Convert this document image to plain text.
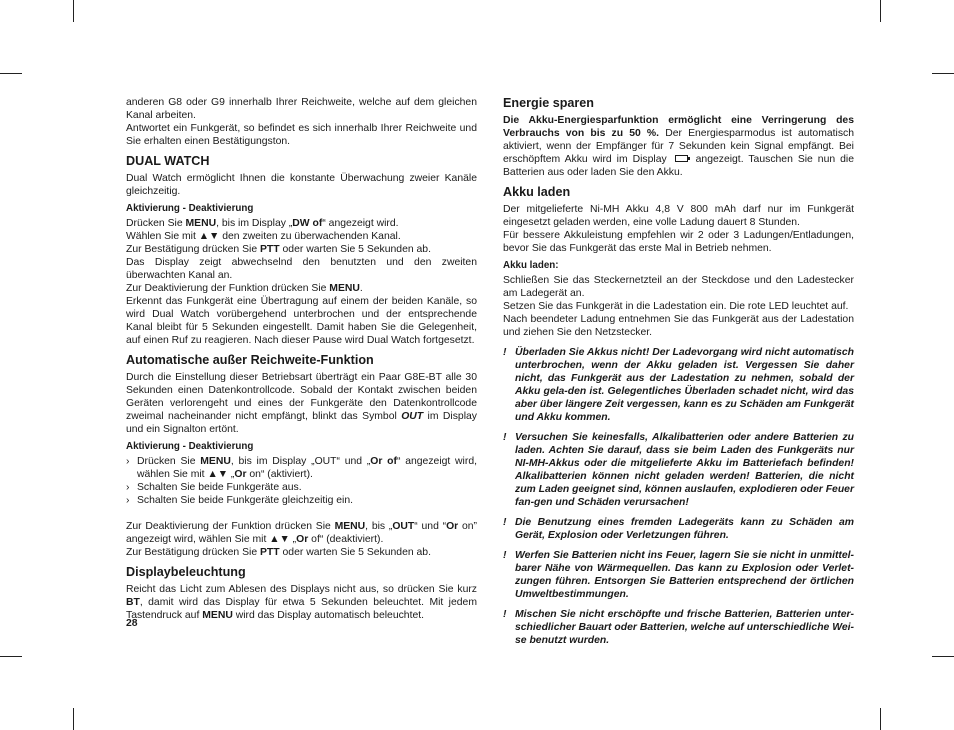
anderen G8 oder G9 innerhalb Ihrer Reichweite, welche auf dem gleichen Kanal arbeiten.

Antwortet ein Funkgerät, so befindet es sich innerhalb Ihrer Reichweite und Sie erhalten einen Bestätigungston.

DUAL WATCH

Dual Watch ermöglicht Ihnen die konstante Überwachung zweier Kanäle gleichzeitig.

Aktivierung - Deaktivierung

Drücken Sie MENU, bis im Display „DW of“ angezeigt wird.

Wählen Sie mit ▲▼ den zweiten zu überwachenden Kanal.

Zur Bestätigung drücken Sie PTT oder warten Sie 5 Sekunden ab.

Das Display zeigt abwechselnd den benutzten und den zweiten überwachten Kanal an.

Zur Deaktivierung der Funktion drücken Sie MENU.

Erkennt das Funkgerät eine Übertragung auf einem der beiden Kanäle, so wird Dual Watch vorübergehend unterbrochen und der entsprechende Kanal bleibt für 5 Sekunden eingestellt. Damit haben Sie die Gelegenheit, auf einen Ruf zu reagieren. Nach dieser Pause wird Dual Watch fortgesetzt.

Automatische außer Reichweite-Funktion

Durch die Einstellung dieser Betriebsart überträgt ein Paar G8E-BT alle 30 Sekunden einen Datenkontrollcode. Sobald der Kontakt zwischen beiden Geräten verlorengeht und eines der Funkgeräte den Datenkontrollcode zweimal nacheinander nicht empfängt, blinkt das Symbol OUT im Display und ein Signalton ertönt.

Aktivierung - Deaktivierung
› Drücken Sie MENU, bis im Display „OUT“ und „Or of“ angezeigt wird, wählen Sie mit ▲▼ „Or on“ (aktiviert).
› Schalten Sie beide Funkgeräte aus.
› Schalten Sie beide Funkgeräte gleichzeitig ein.

Zur Deaktivierung der Funktion drücken Sie MENU, bis „OUT“ und “Or on” angezeigt wird, wählen Sie mit ▲▼ „Or of“ (deaktiviert).

Zur Bestätigung drücken Sie PTT oder warten Sie 5 Sekunden ab.

Displaybeleuchtung

Reicht das Licht zum Ablesen des Displays nicht aus, so drücken Sie kurz BT, damit wird das Display für etwa 5 Sekunden beleuchtet. Mit jedem Tastendruck auf MENU wird das Display automatisch beleuchtet.

28
Energie sparen

Die Akku-Energiesparfunktion ermöglicht eine Verringerung des Verbrauchs von bis zu 50 %. Der Energiesparmodus ist automatisch aktiviert, wenn der Empfänger für 7 Sekunden kein Signal empfängt. Bei erschöpftem Akku wird im Display  angezeigt. Tauschen Sie nun die Batterien aus oder laden Sie den Akku.

Akku laden

Der mitgelieferte Ni-MH Akku 4,8 V 800 mAh darf nur im Funkgerät eingesetzt geladen werden, eine volle Ladung dauert 8 Stunden.

Für bessere Akkuleistung empfehlen wir 2 oder 3 Ladungen/Entladungen, bevor Sie das Funkgerät das erste Mal in Betrieb nehmen.

Akku laden:

Schließen Sie das Steckernetzteil an der Steckdose und den Ladestecker am Ladegerät an.

Setzen Sie das Funkgerät in die Ladestation ein. Die rote LED leuchtet auf.

Nach beendeter Ladung entnehmen Sie das Funkgerät aus der Ladestation und ziehen Sie den Netzstecker.

! Überladen Sie Akkus nicht! Der Ladevorgang wird nicht automatisch unterbrochen, wenn der Akku geladen ist. Vergessen Sie daher nicht, das Funkgerät aus der Ladestation zu nehmen, sobald der Akku gela-den ist. Gelegentliches Überladen schadet nicht, wird das aber über längere Zeit vergessen, kann es zu Schäden am Funkgerät und Akku kommen.
! Versuchen Sie keinesfalls, Alkalibatterien oder andere Batterien zu laden. Achten Sie darauf, dass sie beim Laden des Funkgeräts nur NI-MH-Akkus oder die mitgelieferte Akku im Batteriefach befinden! Alkalibatterien können nicht geladen werden! Batterien, die nicht zum Laden geeignet sind, können auslaufen, explodieren oder Feuer fan-gen und Schäden verursachen!
! Die Benutzung eines fremden Ladegeräts kann zu Schäden am Gerät, Explosion oder Verletzungen führen.
! Werfen Sie Batterien nicht ins Feuer, lagern Sie sie nicht in unmittel-barer Nähe von Wärmequellen. Das kann zu Explosion oder Verlet-zungen führen. Entsorgen Sie Batterien entsprechend der örtlichen Umweltbestimmungen.
! Mischen Sie nicht erschöpfte und frische Batterien, Batterien unter-schiedlicher Bauart oder Batterien, welche auf unterschiedliche Wei-se benutzt wurden.
